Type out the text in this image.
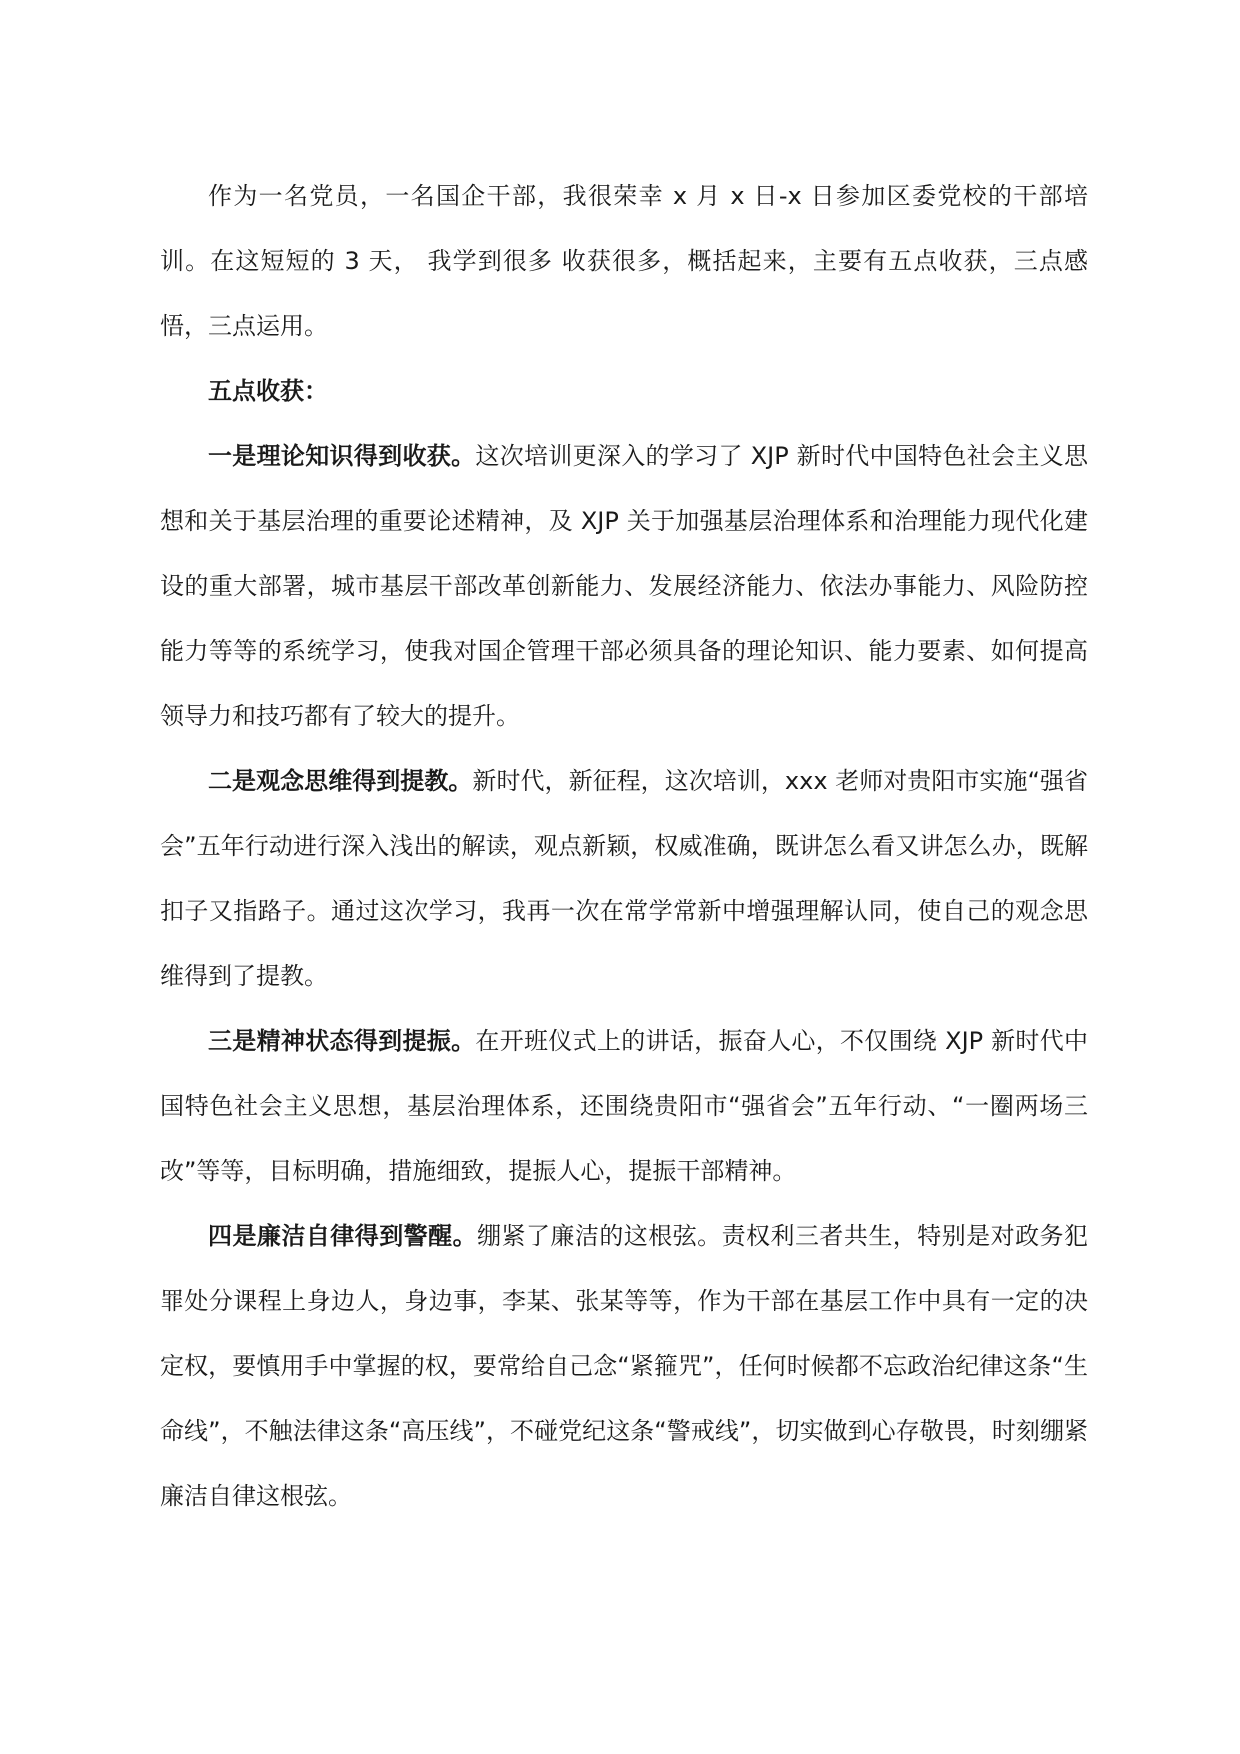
作为一名党员，一名国企干部，我很荣幸 x 月 x 日-x 日参加区委党校的干部培训。在这短短的 3 天， 我学到很多 收获很多，概括起来，主要有五点收获，三点感悟，三点运用。

五点收获：

一是理论知识得到收获。这次培训更深入的学习了 XJP 新时代中国特色社会主义思想和关于基层治理的重要论述精神，及 XJP 关于加强基层治理体系和治理能力现代化建设的重大部署，城市基层干部改革创新能力、发展经济能力、依法办事能力、风险防控能力等等的系统学习，使我对国企管理干部必须具备的理论知识、能力要素、如何提高领导力和技巧都有了较大的提升。

二是观念思维得到提教。新时代，新征程，这次培训，xxx 老师对贵阳市实施“强省会”五年行动进行深入浅出的解读，观点新颖，权威准确，既讲怎么看又讲怎么办，既解扣子又指路子。通过这次学习，我再一次在常学常新中增强理解认同，使自己的观念思维得到了提教。

三是精神状态得到提振。在开班仪式上的讲话，振奋人心，不仅围绕 XJP 新时代中国特色社会主义思想，基层治理体系，还围绕贵阳市“强省会”五年行动、“一圈两场三改”等等，目标明确，措施细致，提振人心，提振干部精神。

四是廉洁自律得到警醒。绷紧了廉洁的这根弦。责权利三者共生，特别是对政务犯罪处分课程上身边人，身边事，李某、张某等等，作为干部在基层工作中具有一定的决定权，要慎用手中掌握的权，要常给自己念“紧箍咒”，任何时候都不忘政治纪律这条“生命线”，不触法律这条“高压线”，不碰党纪这条“警戒线”，切实做到心存敬畏，时刻绷紧廉洁自律这根弦。
